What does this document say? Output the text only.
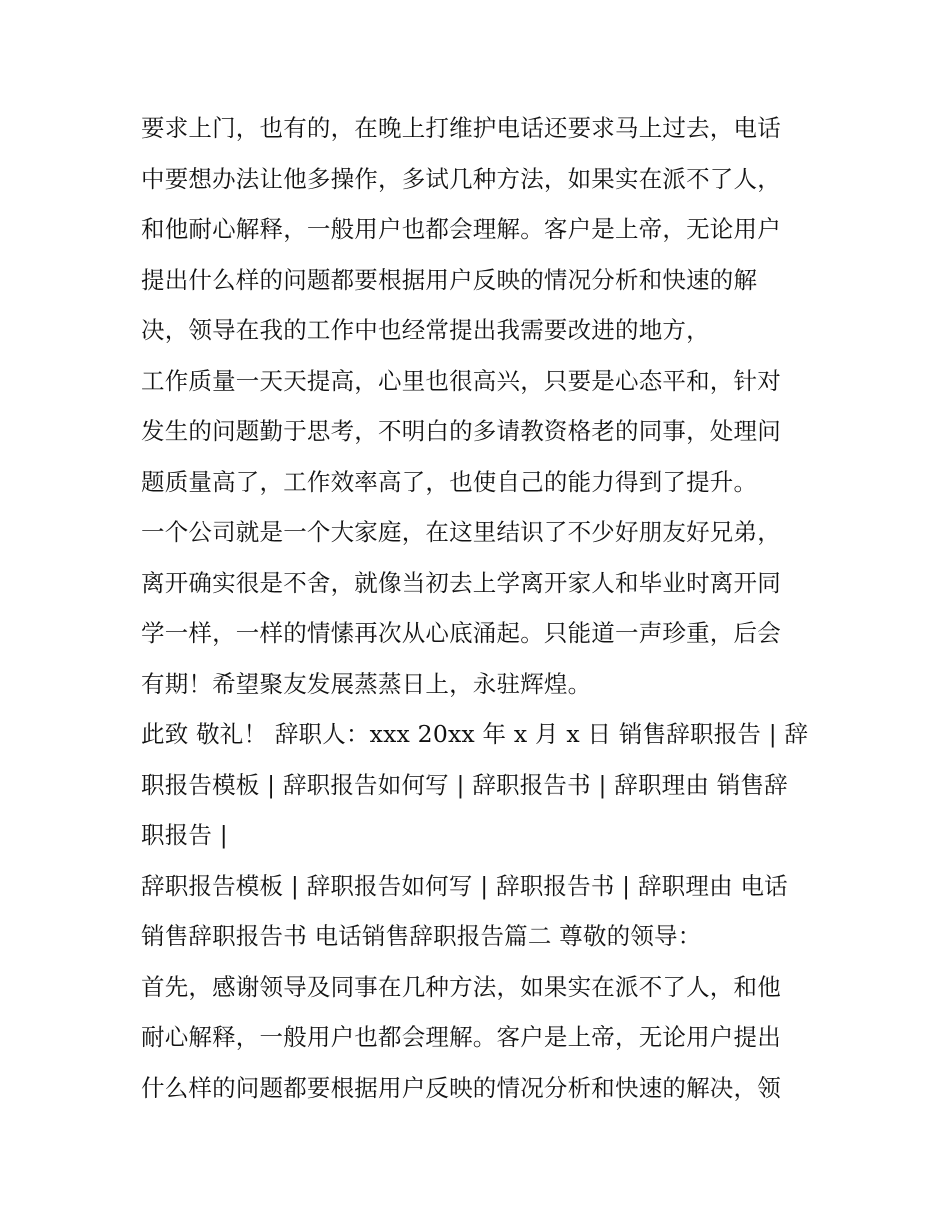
要求上门，也有的，在晚上打维护电话还要求马上过去，电话
中要想办法让他多操作，多试几种方法，如果实在派不了人，
和他耐心解释，一般用户也都会理解。客户是上帝，无论用户
提出什么样的问题都要根据用户反映的情况分析和快速的解
决，领导在我的工作中也经常提出我需要改进的地方，
工作质量一天天提高，心里也很高兴，只要是心态平和，针对
发生的问题勤于思考，不明白的多请教资格老的同事，处理问
题质量高了，工作效率高了，也使自己的能力得到了提升。
一个公司就是一个大家庭，在这里结识了不少好朋友好兄弟，
离开确实很是不舍，就像当初去上学离开家人和毕业时离开同
学一样，一样的情愫再次从心底涌起。只能道一声珍重，后会
有期！希望聚友发展蒸蒸日上，永驻辉煌。
此致 敬礼！ 辞职人：xxx 20xx 年 x 月 x 日 销售辞职报告 | 辞
职报告模板 | 辞职报告如何写 | 辞职报告书 | 辞职理由 销售辞
职报告 |
辞职报告模板 | 辞职报告如何写 | 辞职报告书 | 辞职理由 电话
销售辞职报告书 电话销售辞职报告篇二 尊敬的领导：
首先，感谢领导及同事在几种方法，如果实在派不了人，和他
耐心解释，一般用户也都会理解。客户是上帝，无论用户提出
什么样的问题都要根据用户反映的情况分析和快速的解决，领
